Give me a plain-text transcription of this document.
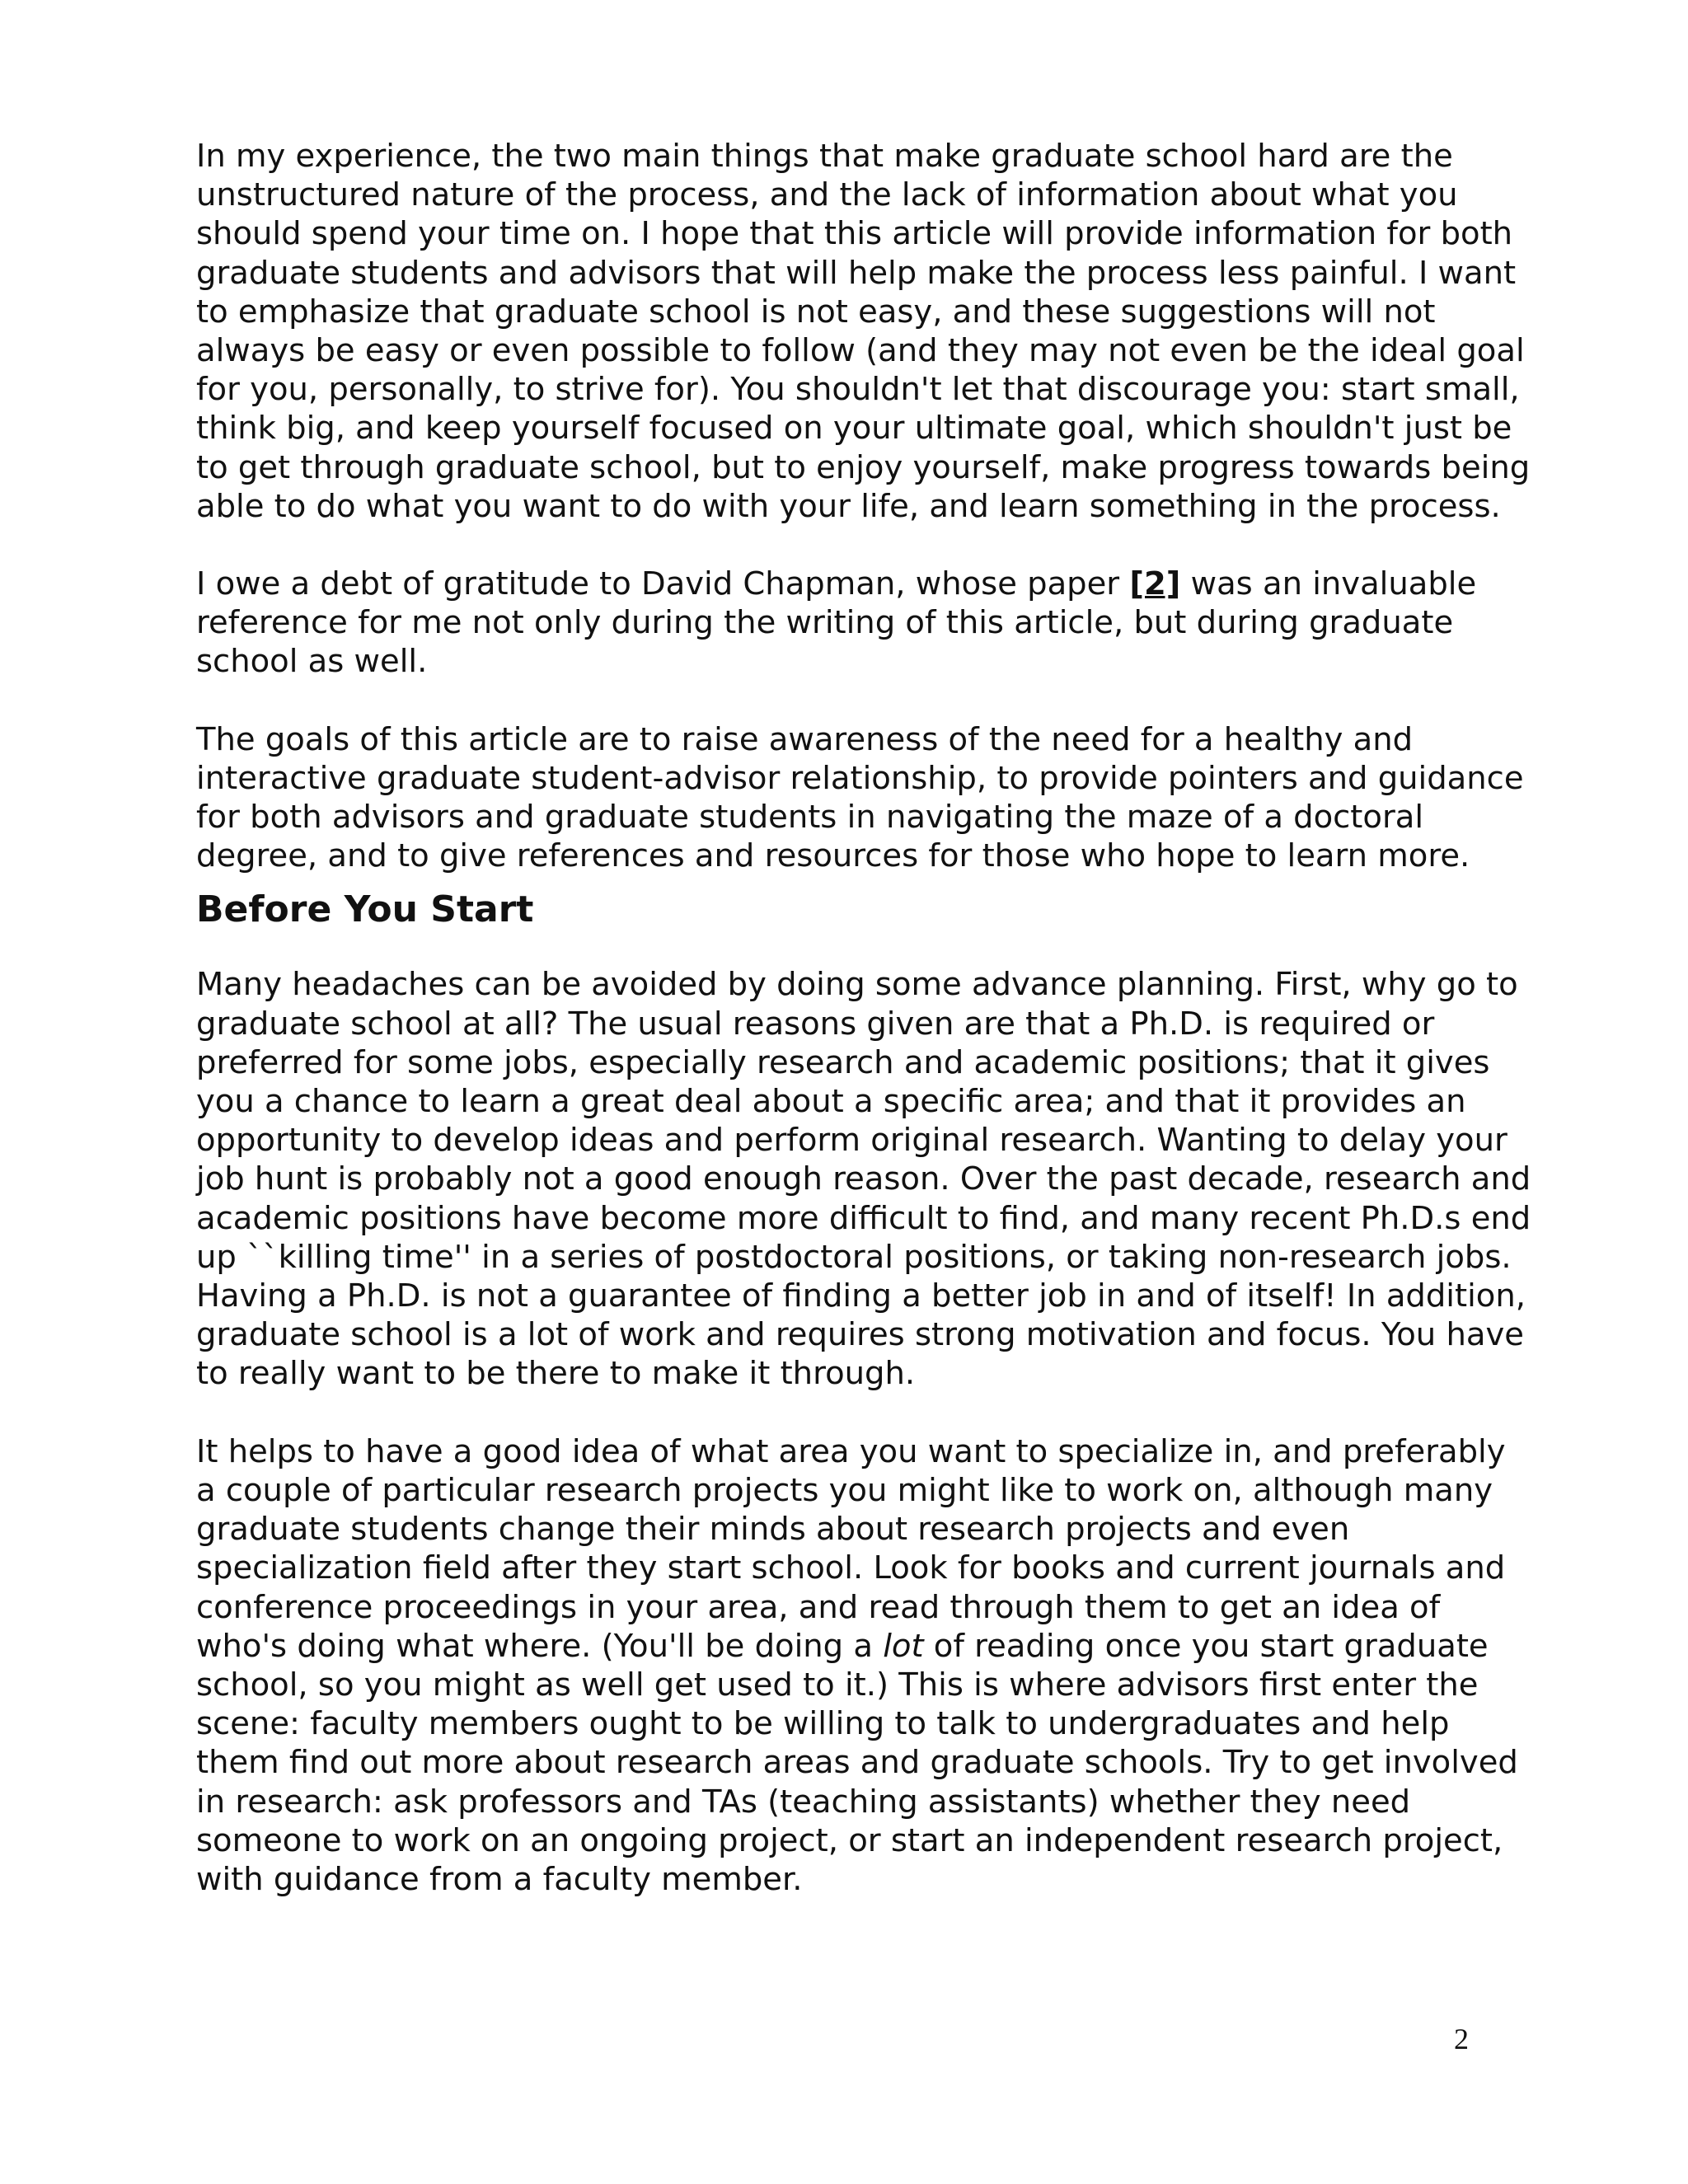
In my experience, the two main things that make graduate school hard are the
unstructured nature of the process, and the lack of information about what you
should spend your time on. I hope that this article will provide information for both
graduate students and advisors that will help make the process less painful. I want
to emphasize that graduate school is not easy, and these suggestions will not
always be easy or even possible to follow (and they may not even be the ideal goal
for you, personally, to strive for). You shouldn't let that discourage you: start small,
think big, and keep yourself focused on your ultimate goal, which shouldn't just be
to get through graduate school, but to enjoy yourself, make progress towards being
able to do what you want to do with your life, and learn something in the process.
I owe a debt of gratitude to David Chapman, whose paper [2] was an invaluable
reference for me not only during the writing of this article, but during graduate
school as well.
The goals of this article are to raise awareness of the need for a healthy and
interactive graduate student-advisor relationship, to provide pointers and guidance
for both advisors and graduate students in navigating the maze of a doctoral
degree, and to give references and resources for those who hope to learn more.
Before You Start
Many headaches can be avoided by doing some advance planning. First, why go to
graduate school at all? The usual reasons given are that a Ph.D. is required or
preferred for some jobs, especially research and academic positions; that it gives
you a chance to learn a great deal about a specific area; and that it provides an
opportunity to develop ideas and perform original research. Wanting to delay your
job hunt is probably not a good enough reason. Over the past decade, research and
academic positions have become more difficult to find, and many recent Ph.D.s end
up ``killing time'' in a series of postdoctoral positions, or taking non-research jobs.
Having a Ph.D. is not a guarantee of finding a better job in and of itself! In addition,
graduate school is a lot of work and requires strong motivation and focus. You have
to really want to be there to make it through.
It helps to have a good idea of what area you want to specialize in, and preferably
a couple of particular research projects you might like to work on, although many
graduate students change their minds about research projects and even
specialization field after they start school. Look for books and current journals and
conference proceedings in your area, and read through them to get an idea of
who's doing what where. (You'll be doing a lot of reading once you start graduate
school, so you might as well get used to it.) This is where advisors first enter the
scene: faculty members ought to be willing to talk to undergraduates and help
them find out more about research areas and graduate schools. Try to get involved
in research: ask professors and TAs (teaching assistants) whether they need
someone to work on an ongoing project, or start an independent research project,
with guidance from a faculty member.
2
